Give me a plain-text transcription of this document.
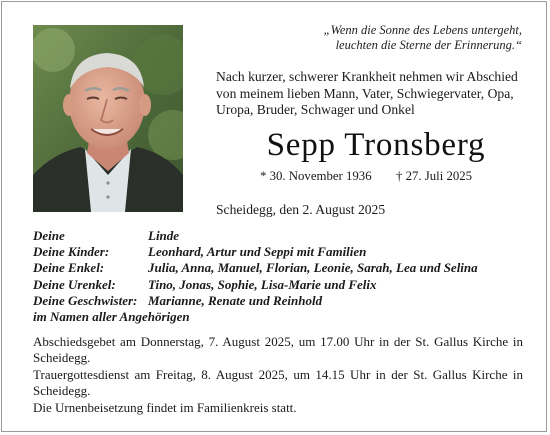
„Wenn die Sonne des Lebens untergeht,
leuchten die Sterne der Erinnerung.“
Nach kurzer, schwerer Krankheit nehmen wir Abschied
von meinem lieben Mann, Vater, Schwiegervater, Opa,
Uropa, Bruder, Schwager und Onkel
Sepp Tronsberg
* 30. November 1936 † 27. Juli 2025
Scheidegg, den 2. August 2025
Deine	Linde
Deine Kinder:	Leonhard, Artur und Seppi mit Familien
Deine Enkel:	Julia, Anna, Manuel, Florian, Leonie, Sarah, Lea und Selina
Deine Urenkel: Tino, Jonas, Sophie, Lisa-Marie und Felix
Deine Geschwister: Marianne, Renate und Reinhold
im Namen aller Angehörigen
Abschiedsgebet am Donnerstag, 7. August 2025, um 17.00 Uhr in der St. Gallus Kirche in
Scheidegg.
Trauergottesdienst am Freitag, 8. August 2025, um 14.15 Uhr in der St. Gallus Kirche in
Scheidegg.
Die Urnenbeisetzung findet im Familienkreis statt.
